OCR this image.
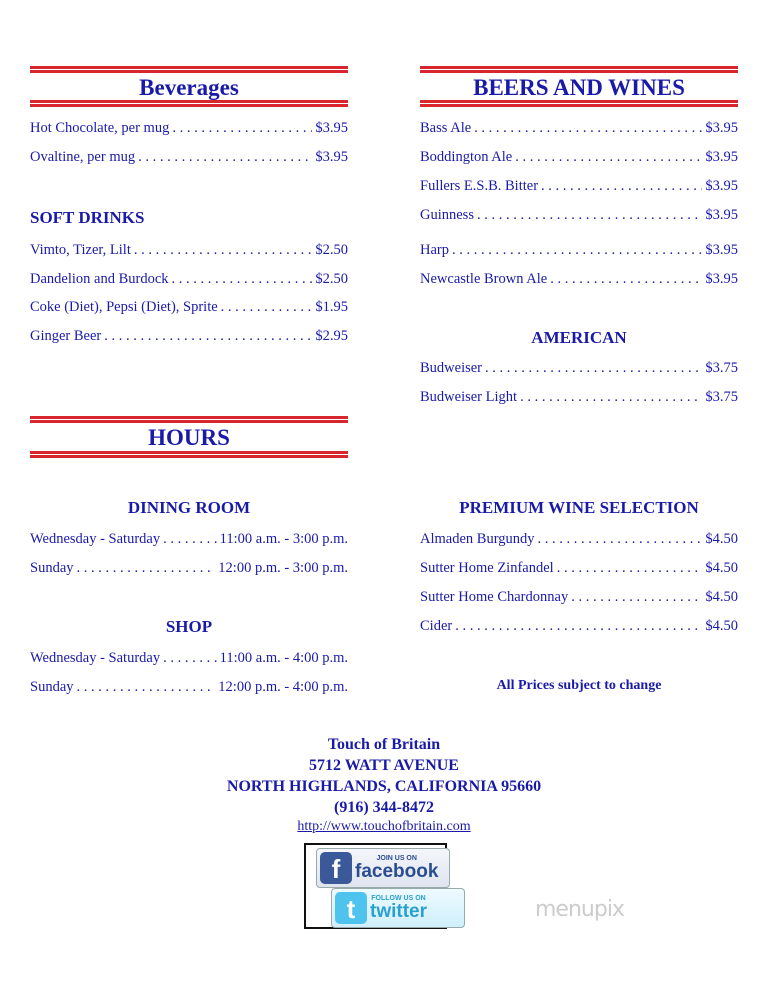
Beverages	BEERS AND WINES
SOFT DRINKS
HOURS
DINING ROOM
SHOP
AMERICAN
PREMIUM WINE SELECTION
All Prices subject to change
Touch of Britain
5712 WATT AVENUE
NORTH HIGHLANDS, CALIFORNIA 95660
(916) 344-8472
http://www.touchofbritain.com
f	JOIN US ON
facebook
t	FOLLOW US ON
twitter	menupix
Hot Chocolate, per mug . . .	$3.95
Ovaltine, per mug . . .	$3.95
Vimto, Tizer, Lilt . . .	$2.50
Dandelion and Burdock . . .	$2.50
Coke (Diet), Pepsi (Diet), Sprite . . .	$1.95
Ginger Beer . . .	$2.95
Wednesday - Saturday . . .	11:00 a.m. - 3:00 p.m.
Sunday . . .	12:00 p.m. - 3:00 p.m.
Wednesday - Saturday . . .	11:00 a.m. - 4:00 p.m.
Sunday . . .	12:00 p.m. - 4:00 p.m.
Bass Ale . . .	$3.95
Boddington Ale . . .	$3.95
Fullers E.S.B. Bitter . . .	$3.95
Guinness . . .	$3.95
Harp . . .	$3.95
Newcastle Brown Ale . . .	$3.95
Budweiser . . .	$3.75
Budweiser Light . . .	$3.75
Almaden Burgundy . . .	$4.50
Sutter Home Zinfandel . . .	$4.50
Sutter Home Chardonnay . . .	$4.50
Cider . . .	$4.50
